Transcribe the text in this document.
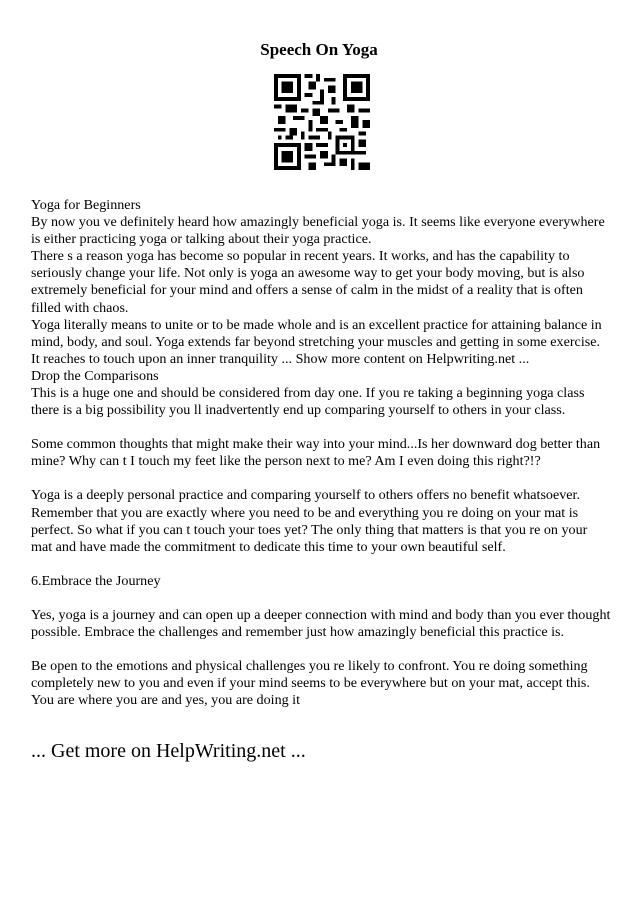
Speech On Yoga

Yoga for Beginners

By now you ve definitely heard how amazingly beneficial yoga is. It seems like everyone everywhere is either practicing yoga or talking about their yoga practice.

There s a reason yoga has become so popular in recent years. It works, and has the capability to seriously change your life. Not only is yoga an awesome way to get your body moving, but is also extremely beneficial for your mind and offers a sense of calm in the midst of a reality that is often filled with chaos.

Yoga literally means to unite or to be made whole and is an excellent practice for attaining balance in mind, body, and soul. Yoga extends far beyond stretching your muscles and getting in some exercise. It reaches to touch upon an inner tranquility ... Show more content on Helpwriting.net ...

Drop the Comparisons

This is a huge one and should be considered from day one. If you re taking a beginning yoga class there is a big possibility you ll inadvertently end up comparing yourself to others in your class.

Some common thoughts that might make their way into your mind...Is her downward dog better than mine? Why can t I touch my feet like the person next to me? Am I even doing this right?!?

Yoga is a deeply personal practice and comparing yourself to others offers no benefit whatsoever. Remember that you are exactly where you need to be and everything you re doing on your mat is perfect. So what if you can t touch your toes yet? The only thing that matters is that you re on your mat and have made the commitment to dedicate this time to your own beautiful self.

6.Embrace the Journey

Yes, yoga is a journey and can open up a deeper connection with mind and body than you ever thought possible. Embrace the challenges and remember just how amazingly beneficial this practice is.

Be open to the emotions and physical challenges you re likely to confront. You re doing something completely new to you and even if your mind seems to be everywhere but on your mat, accept this. You are where you are and yes, you are doing it

... Get more on HelpWriting.net ...
